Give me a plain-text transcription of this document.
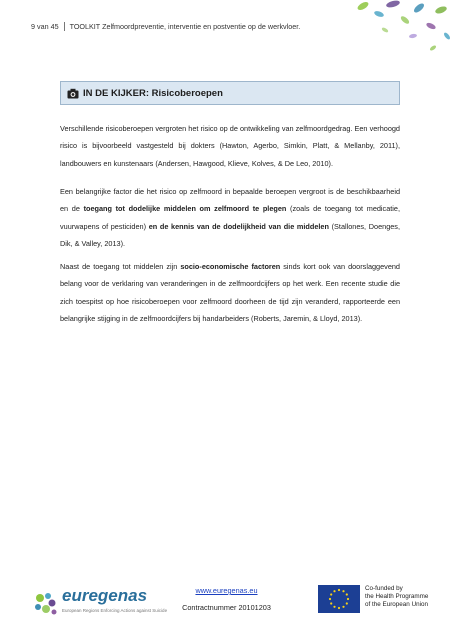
9 van 45 TOOLKIT Zelfmoordpreventie, interventie en postventie op de werkvloer.
IN DE KIJKER: Risicoberoepen
Verschillende risicoberoepen vergroten het risico op de ontwikkeling van zelfmoordgedrag. Een verhoogd risico is bijvoorbeeld vastgesteld bij dokters (Hawton, Agerbo, Simkin, Platt, & Mellanby, 2011), landbouwers en kunstenaars (Andersen, Hawgood, Klieve, Kolves, & De Leo, 2010).
Een belangrijke factor die het risico op zelfmoord in bepaalde beroepen vergroot is de beschikbaarheid en de toegang tot dodelijke middelen om zelfmoord te plegen (zoals de toegang tot medicatie, vuurwapens of pesticiden) en de kennis van de dodelijkheid van die middelen (Stallones, Doenges, Dik, & Valley, 2013).
Naast de toegang tot middelen zijn socio-economische factoren sinds kort ook van doorslaggevend belang voor de verklaring van veranderingen in de zelfmoordcijfers op het werk. Een recente studie die zich toespitst op hoe risicoberoepen voor zelfmoord doorheen de tijd zijn veranderd, rapporteerde een belangrijke stijging in de zelfmoordcijfers bij handarbeiders (Roberts, Jaremin, & Lloyd, 2013).
euregenas
European Regions Enforcing Actions against Suicide
www.euregenas.eu
Contractnummer 20101203
Co-funded by
the Health Programme
of the European Union
